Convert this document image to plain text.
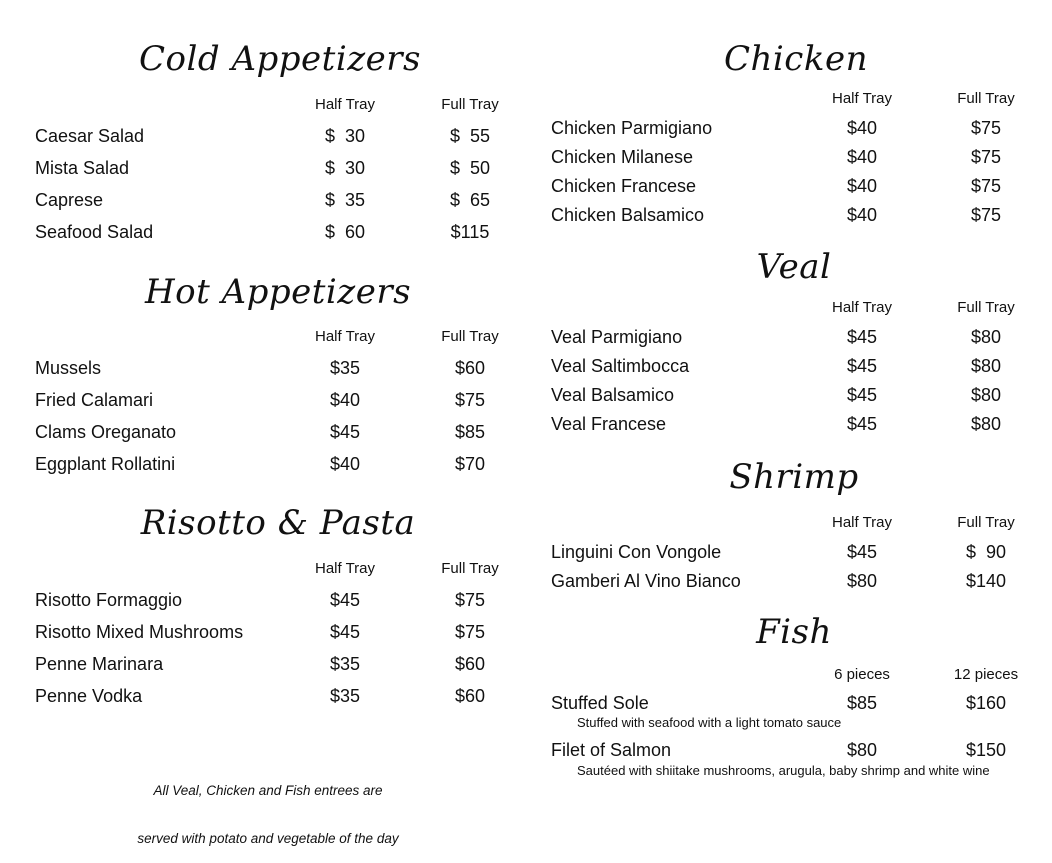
Cold Appetizers
Half Tray	Full Tray
Caesar Salad	$  30	$  55
Mista Salad	$  30	$  50
Caprese	$  35	$  65
Seafood Salad	$  60	$115
Hot Appetizers
Half Tray	Full Tray
Mussels	$35	$60
Fried Calamari	$40	$75
Clams Oreganato	$45	$85
Eggplant Rollatini	$40	$70
Risotto & Pasta
Half Tray	Full Tray
Risotto Formaggio	$45	$75
Risotto Mixed Mushrooms	$45	$75
Penne Marinara	$35	$60
Penne Vodka	$35	$60
Chicken
Half Tray	Full Tray
Chicken Parmigiano	$40	$75
Chicken Milanese	$40	$75
Chicken Francese	$40	$75
Chicken Balsamico	$40	$75
Veal
Half Tray	Full Tray
Veal Parmigiano	$45	$80
Veal Saltimbocca	$45	$80
Veal Balsamico	$45	$80
Veal Francese	$45	$80
Shrimp
Half Tray	Full Tray
Linguini Con Vongole	$45	$  90
Gamberi Al Vino Bianco	$80	$140
Fish
6 pieces	12 pieces
Stuffed Sole	$85	$160
Stuffed with seafood with a light tomato sauce
Filet of Salmon	$80	$150
Sautéed with shiitake mushrooms, arugula, baby shrimp and white wine

All Veal, Chicken and Fish entrees are

served with potato and vegetable of the day
